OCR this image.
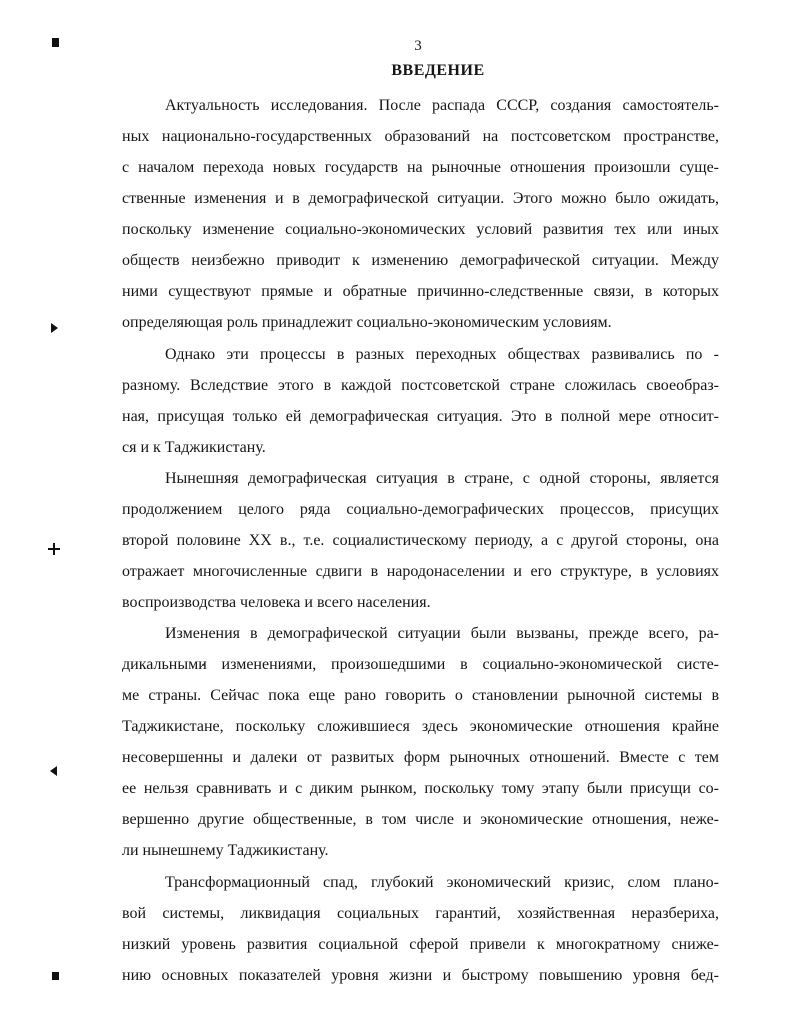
3
ВВЕДЕНИЕ
Актуальность исследования. После распада СССР, создания самостоятель-
ных национально-государственных образований на постсоветском пространстве,
с началом перехода новых государств на рыночные отношения произошли суще-
ственные изменения и в демографической ситуации. Этого можно было ожидать,
поскольку изменение социально-экономических условий развития тех или иных
обществ неизбежно приводит к изменению демографической ситуации. Между
ними существуют прямые и обратные причинно-следственные связи, в которых
определяющая роль принадлежит социально-экономическим условиям.
Однако эти процессы в разных переходных обществах развивались по -
разному. Вследствие этого в каждой постсоветской стране сложилась своеобраз-
ная, присущая только ей демографическая ситуация. Это в полной мере относит-
ся и к Таджикистану.
Нынешняя демографическая ситуация в стране, с одной стороны, является
продолжением целого ряда социально-демографических процессов, присущих
второй половине XX в., т.е. социалистическому периоду, а с другой стороны, она
отражает многочисленные сдвиги в народонаселении и его структуре, в условиях
воспроизводства человека и всего населения.
Изменения в демографической ситуации были вызваны, прежде всего, ра-
дикальными изменениями, произошедшими в социально-экономической систе-
ме страны. Сейчас пока еще рано говорить о становлении рыночной системы в
Таджикистане, поскольку сложившиеся здесь экономические отношения крайне
несовершенны и далеки от развитых форм рыночных отношений. Вместе с тем
ее нельзя сравнивать и с диким рынком, поскольку тому этапу были присущи со-
вершенно другие общественные, в том числе и экономические отношения, нeже-
ли нынешнему Таджикистану.
Трансформационный спад, глубокий экономический кризис, слом плано-
вой системы, ликвидация социальных гарантий, хозяйственная неразбериха,
низкий уровень развития социальной сферой привели к многократному сниже-
нию основных показателей уровня жизни и быстрому повышению уровня бед-
